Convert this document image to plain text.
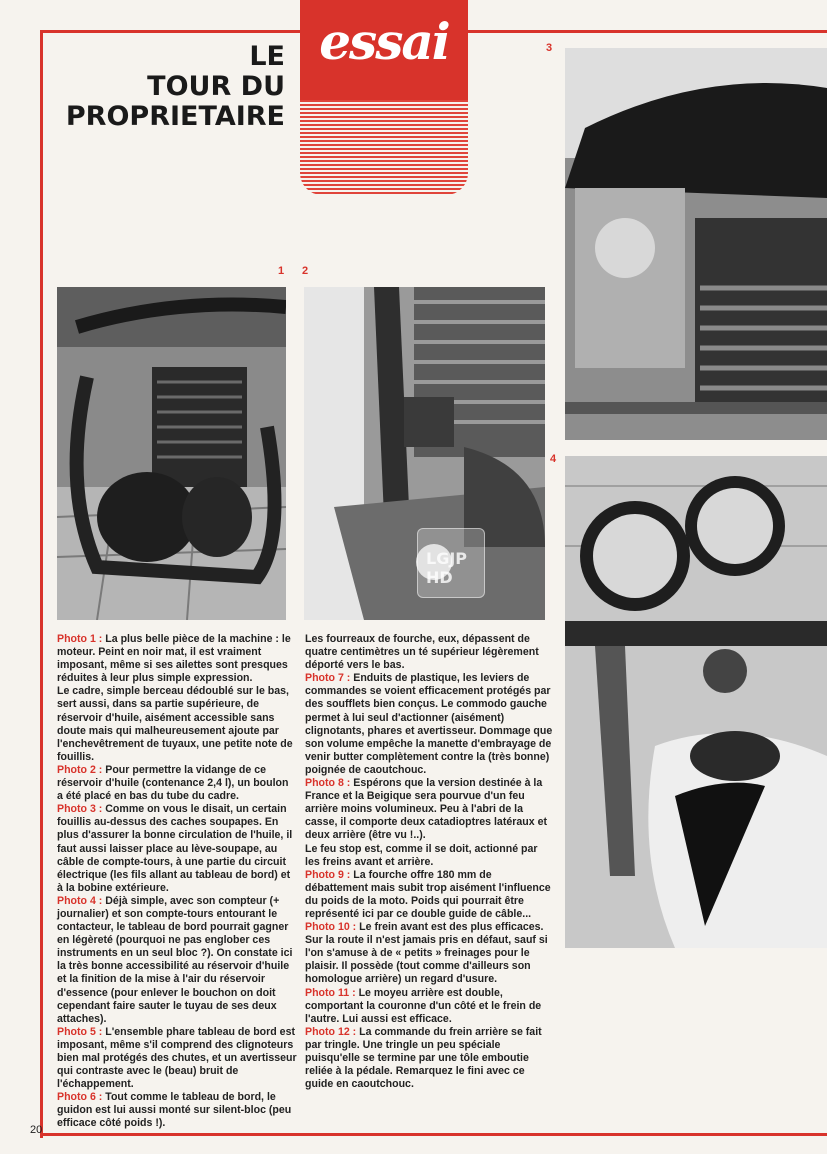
essai
LE
TOUR DU
PROPRIETAIRE
1 2
3
4
LGJP HD

Photo 1 : La plus belle pièce de la machine : le moteur. Peint en noir mat, il est vraiment imposant, même si ses ailettes sont presques réduites à leur plus simple expression.

Le cadre, simple berceau dédoublé sur le bas, sert aussi, dans sa partie supérieure, de réservoir d'huile, aisément accessible sans doute mais qui malheureusement ajoute par l'enchevêtrement de tuyaux, une petite note de fouillis.

Photo 2 : Pour permettre la vidange de ce réservoir d'huile (contenance 2,4 l), un boulon a été placé en bas du tube du cadre.

Photo 3 : Comme on vous le disait, un certain fouillis au-dessus des caches soupapes. En plus d'assurer la bonne circulation de l'huile, il faut aussi laisser place au lève-soupape, au câble de compte-tours, à une partie du circuit électrique (les fils allant au tableau de bord) et à la bobine extérieure.

Photo 4 : Déjà simple, avec son compteur (+ journalier) et son compte-tours entourant le contacteur, le tableau de bord pourrait gagner en légèreté (pourquoi ne pas englober ces instruments en un seul bloc ?). On constate ici la très bonne accessibilité au réservoir d'huile et la finition de la mise à l'air du réservoir d'essence (pour enlever le bouchon on doit cependant faire sauter le tuyau de ses deux attaches).

Photo 5 : L'ensemble phare tableau de bord est imposant, même s'il comprend des clignoteurs bien mal protégés des chutes, et un avertisseur qui contraste avec le (beau) bruit de l'échappement.

Photo 6 : Tout comme le tableau de bord, le guidon est lui aussi monté sur silent-bloc (peu efficace côté poids !).

Les fourreaux de fourche, eux, dépassent de quatre centimètres un té supérieur légèrement déporté vers le bas.

Photo 7 : Enduits de plastique, les leviers de commandes se voient efficacement protégés par des soufflets bien conçus. Le commodo gauche permet à lui seul d'actionner (aisément) clignotants, phares et avertisseur. Dommage que son volume empêche la manette d'embrayage de venir butter complètement contre la (très bonne) poignée de caoutchouc.

Photo 8 : Espérons que la version destinée à la France et la Beigique sera pourvue d'un feu arrière moins volumineux. Peu à l'abri de la casse, il comporte deux catadioptres latéraux et deux arrière (être vu !..).

Le feu stop est, comme il se doit, actionné par les freins avant et arrière.

Photo 9 : La fourche offre 180 mm de débattement mais subit trop aisément l'influence du poids de la moto. Poids qui pourrait être représenté ici par ce double guide de câble...

Photo 10 : Le frein avant est des plus efficaces. Sur la route il n'est jamais pris en défaut, sauf si l'on s'amuse à de « petits » freinages pour le plaisir. Il possède (tout comme d'ailleurs son homologue arrière) un regard d'usure.

Photo 11 : Le moyeu arrière est double, comportant la couronne d'un côté et le frein de l'autre. Lui aussi est efficace.

Photo 12 : La commande du frein arrière se fait par tringle. Une tringle un peu spéciale puisqu'elle se termine par une tôle emboutie reliée à la pédale. Remarquez le fini avec ce guide en caoutchouc.

20
